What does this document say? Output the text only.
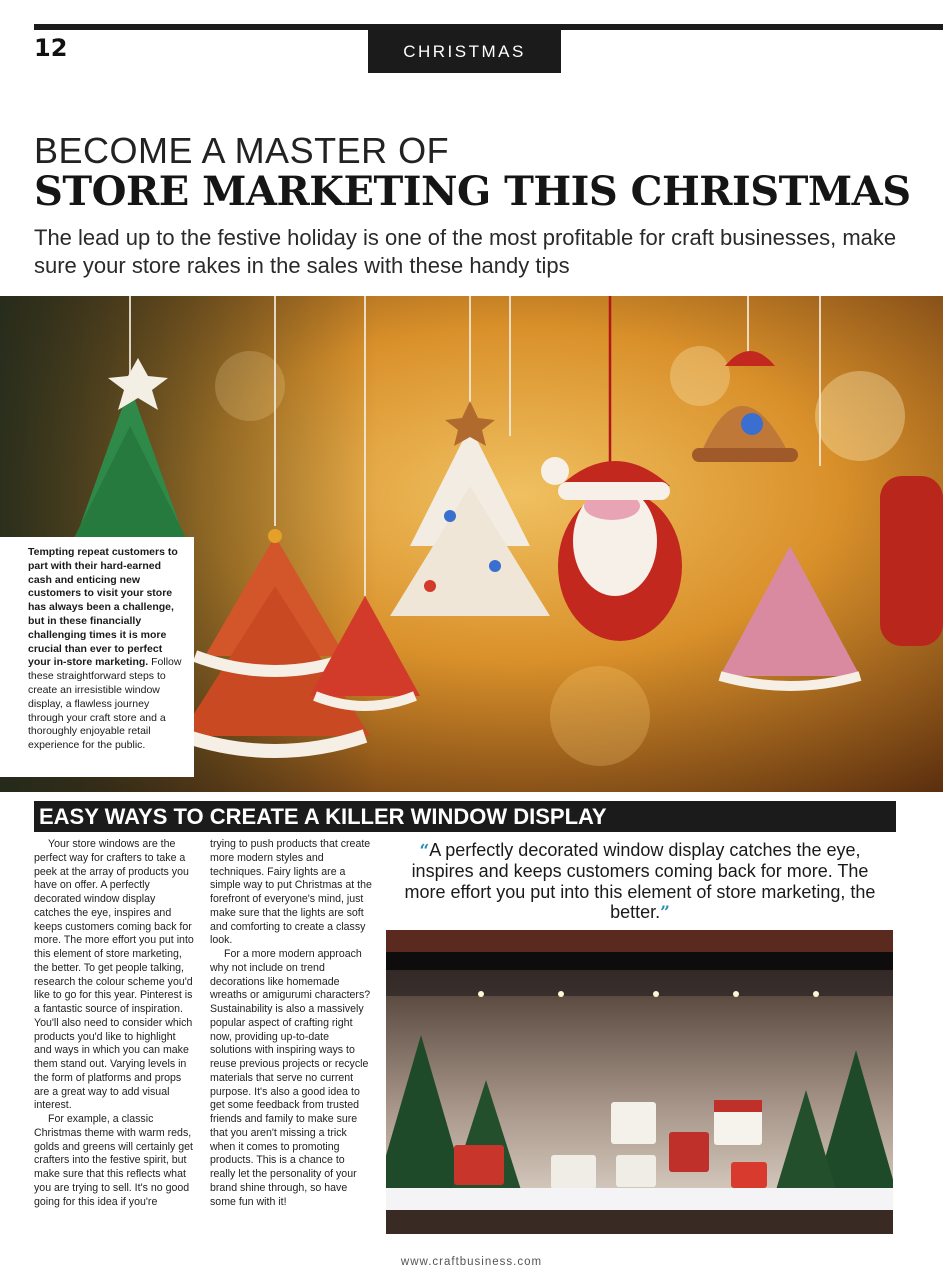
12	CHRISTMAS
BECOME A MASTER OF
STORE MARKETING THIS CHRISTMAS

The lead up to the festive holiday is one of the most profitable for craft businesses, make sure your store rakes in the sales with these handy tips

Tempting repeat customers to part with their hard-earned cash and enticing new customers to visit your store has always been a challenge, but in these financially challenging times it is more crucial than ever to perfect your in-store marketing. Follow these straightforward steps to create an irresistible window display, a flawless journey through your craft store and a thoroughly enjoyable retail experience for the public.
EASY WAYS TO CREATE A KILLER WINDOW DISPLAY

Your store windows are the perfect way for crafters to take a peek at the array of products you have on offer. A perfectly decorated window display catches the eye, inspires and keeps customers coming back for more. The more effort you put into this element of store marketing, the better. To get people talking, research the colour scheme you'd like to go for this year. Pinterest is a fantastic source of inspiration. You'll also need to consider which products you'd like to highlight and ways in which you can make them stand out. Varying levels in the form of platforms and props are a great way to add visual interest.

For example, a classic Christmas theme with warm reds, golds and greens will certainly get crafters into the festive spirit, but make sure that this reflects what you are trying to sell. It's no good going for this idea if you're

trying to push products that create more modern styles and techniques. Fairy lights are a simple way to put Christmas at the forefront of everyone's mind, just make sure that the lights are soft and comforting to create a classy look.

For a more modern approach why not include on trend decorations like homemade wreaths or amigurumi characters? Sustainability is also a massively popular aspect of crafting right now, providing up-to-date solutions with inspiring ways to reuse previous projects or recycle materials that serve no current purpose. It's also a good idea to get some feedback from trusted friends and family to make sure that you aren't missing a trick when it comes to promoting products. This is a chance to really let the personality of your brand shine through, so have some fun with it!

“A perfectly decorated window display catches the eye, inspires and keeps customers coming back for more. The more effort you put into this element of store marketing, the better.”
www.craftbusiness.com
